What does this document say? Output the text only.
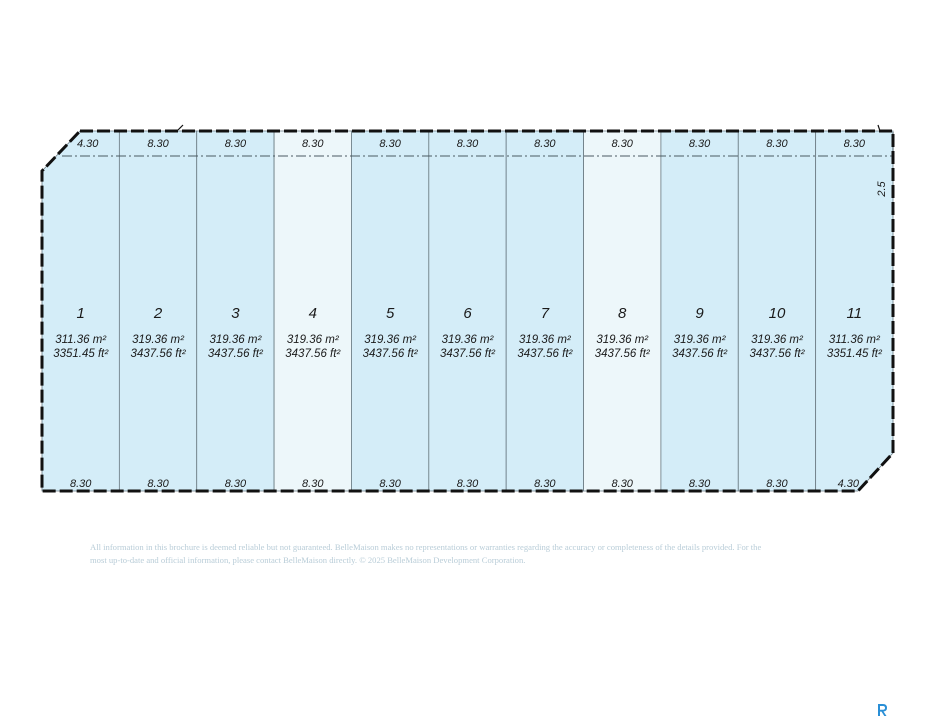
4.30
1
311.36 m²
3351.45 ft²
8.30
8.30
2
319.36 m²
3437.56 ft²
8.30
8.30
3
319.36 m²
3437.56 ft²
8.30
8.30
4
319.36 m²
3437.56 ft²
8.30
8.30
5
319.36 m²
3437.56 ft²
8.30
8.30
6
319.36 m²
3437.56 ft²
8.30
8.30
7
319.36 m²
3437.56 ft²
8.30
8.30
8
319.36 m²
3437.56 ft²
8.30
8.30
9
319.36 m²
3437.56 ft²
8.30
8.30
10
319.36 m²
3437.56 ft²
8.30
8.30
11
311.36 m²
3351.45 ft²
4.30
2.5
All information in this brochure is deemed reliable but not guaranteed. BelleMaison makes no representations or warranties regarding the accuracy or completeness of the details provided. For the
most up-to-date and official information, please contact BelleMaison directly. © 2025 BelleMaison Development Corporation.
